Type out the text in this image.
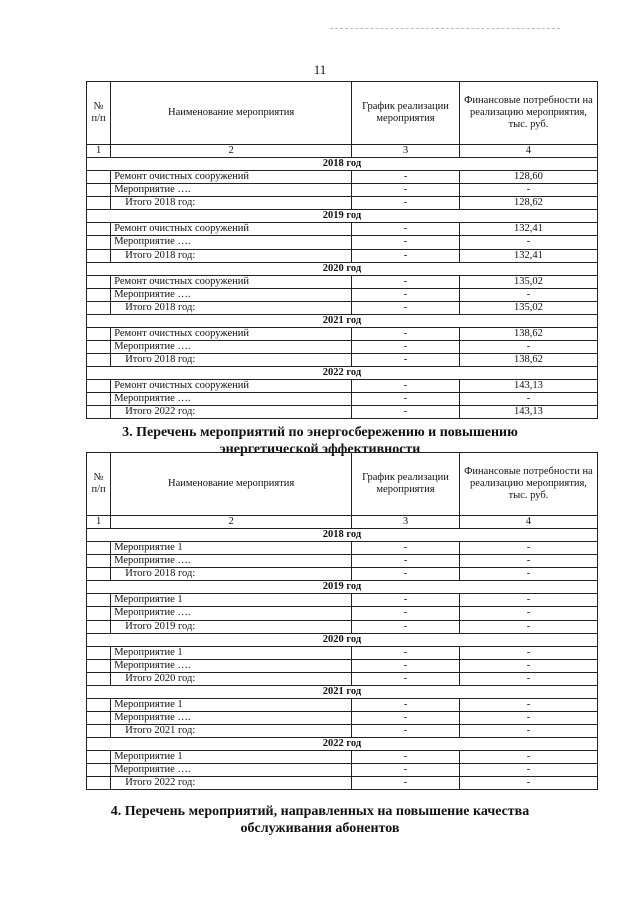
11
№ п/п	Наименование мероприятия	График реализации мероприятия	Финансовые потребности на реализацию мероприятия, тыс. руб.
1	2	3	4
2018 год			
	Ремонт очистных сооружений	-	128,60
	Мероприятие ….	-	-
	Итого 2018 год:	-	128,62
2019 год			
	Ремонт очистных сооружений	-	132,41
	Мероприятие ….	-	-
	Итого 2018 год:	-	132,41
2020 год			
	Ремонт очистных сооружений	-	135,02
	Мероприятие ….	-	-
	Итого 2018 год:	-	135,02
2021 год			
	Ремонт очистных сооружений	-	138,62
	Мероприятие ….	-	-
	Итого 2018 год:	-	138,62
2022 год			
	Ремонт очистных сооружений	-	143,13
	Мероприятие ….	-	-
	Итого 2022 год:	-	143,13
3. Перечень мероприятий по энергосбережению и повышению энергетической эффективности
№ п/п	Наименование мероприятия	График реализации мероприятия	Финансовые потребности на реализацию мероприятия, тыс. руб.
1	2	3	4
2018 год			
	Мероприятие 1	-	-
	Мероприятие ….	-	-
	Итого 2018 год:	-	-
2019 год			
	Мероприятие 1	-	-
	Мероприятие ….	-	-
	Итого 2019 год:	-	-
2020 год			
	Мероприятие 1	-	-
	Мероприятие ….	-	-
	Итого 2020 год:	-	-
2021 год			
	Мероприятие 1	-	-
	Мероприятие ….	-	-
	Итого 2021 год:	-	-
2022 год			
	Мероприятие 1	-	-
	Мероприятие ….	-	-
	Итого 2022 год:	-	-
4. Перечень мероприятий, направленных на повышение качества обслуживания абонентов
